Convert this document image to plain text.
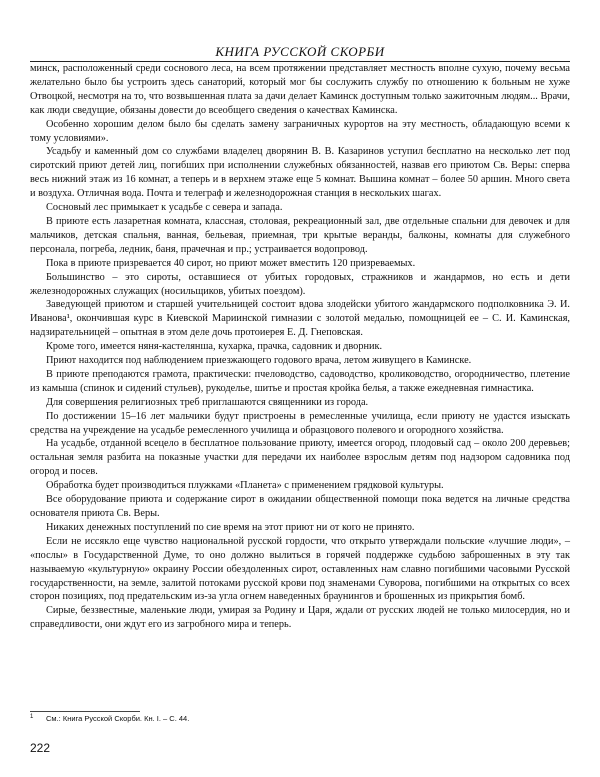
КНИГА РУССКОЙ СКОРБИ

минск, расположенный среди соснового леса, на всем протяжении представляет местность вполне сухую, почему весьма желательно было бы устроить здесь санаторий, который мог бы сослужить службу по отношению к больным не хуже Отвоцкой, несмотря на то, что возвышенная плата за дачи делает Каминск доступным только зажиточным людям... Врачи, как люди сведущие, обязаны довести до всеобщего сведения о качествах Каминска.

Особенно хорошим делом было бы сделать замену заграничных курортов на эту местность, обладающую всеми к тому условиями».

Усадьбу и каменный дом со службами владелец дворянин В. В. Казаринов уступил бесплатно на несколько лет под сиротский приют детей лиц, погибших при исполнении служебных обязанностей, назвав его приютом Св. Веры: сперва весь нижний этаж из 16 комнат, а теперь и в верхнем этаже еще 5 комнат. Вышина комнат – более 50 аршин. Много света и воздуха. Отличная вода. Почта и телеграф и железнодорожная станция в нескольких шагах.

Сосновый лес примыкает к усадьбе с севера и запада.

В приюте есть лазаретная комната, классная, столовая, рекреационный зал, две отдельные спальни для девочек и для мальчиков, детская спальня, ванная, бельевая, приемная, три крытые веранды, балконы, комнаты для служебного персонала, погреба, ледник, баня, прачечная и пр.; устраивается водопровод.

Пока в приюте призревается 40 сирот, но приют может вместить 120 призреваемых.

Большинство – это сироты, оставшиеся от убитых городовых, стражников и жандармов, но есть и дети железнодорожных служащих (носильщиков, убитых поездом).

Заведующей приютом и старшей учительницей состоит вдова злодейски убитого жандармского подполковника Э. И. Иванова¹, окончившая курс в Киевской Мариинской гимназии с золотой медалью, помощницей ее – С. И. Каминская, надзирательницей – опытная в этом деле дочь протоиерея Е. Д. Гнеповская.

Кроме того, имеется няня-кастелянша, кухарка, прачка, садовник и дворник.

Приют находится под наблюдением приезжающего годового врача, летом живущего в Каминске.

В приюте преподаются грамота, практически: пчеловодство, садоводство, кролиководство, огородничество, плетение из камыша (спинок и сидений стульев), рукоделье, шитье и простая кройка белья, а также ежедневная гимнастика.

Для совершения религиозных треб приглашаются священники из города.

По достижении 15–16 лет мальчики будут пристроены в ремесленные училища, если приюту не удастся изыскать средства на учреждение на усадьбе ремесленного училища и образцового полевого и огородного хозяйства.

На усадьбе, отданной всецело в бесплатное пользование приюту, имеется огород, плодовый сад – около 200 деревьев; остальная земля разбита на показные участки для передачи их наиболее взрослым детям под надзором садовника под огород и посев.

Обработка будет производиться плужками «Планета» с применением грядковой культуры.

Все оборудование приюта и содержание сирот в ожидании общественной помощи пока ведется на личные средства основателя приюта Св. Веры.

Никаких денежных поступлений по сие время на этот приют ни от кого не принято.

Если не иссякло еще чувство национальной русской гордости, что открыто утверждали польские «лучшие люди», – «послы» в Государственной Думе, то оно должно вылиться в горячей поддержке судьбою заброшенных в эту так называемую «культурную» окраину России обездоленных сирот, оставленных нам славно погибшими часовыми Русской государственности, на земле, залитой потоками русской крови под знаменами Суворова, погибшими на открытых со всех сторон позициях, под предательским из-за угла огнем наведенных браунингов и брошенных из прикрытия бомб.

Сирые, беззвестные, маленькие люди, умирая за Родину и Царя, ждали от русских людей не только милосердия, но и справедливости, они ждут его из загробного мира и теперь.

1 См.: Книга Русской Скорби. Кн. I. – С. 44.
222
